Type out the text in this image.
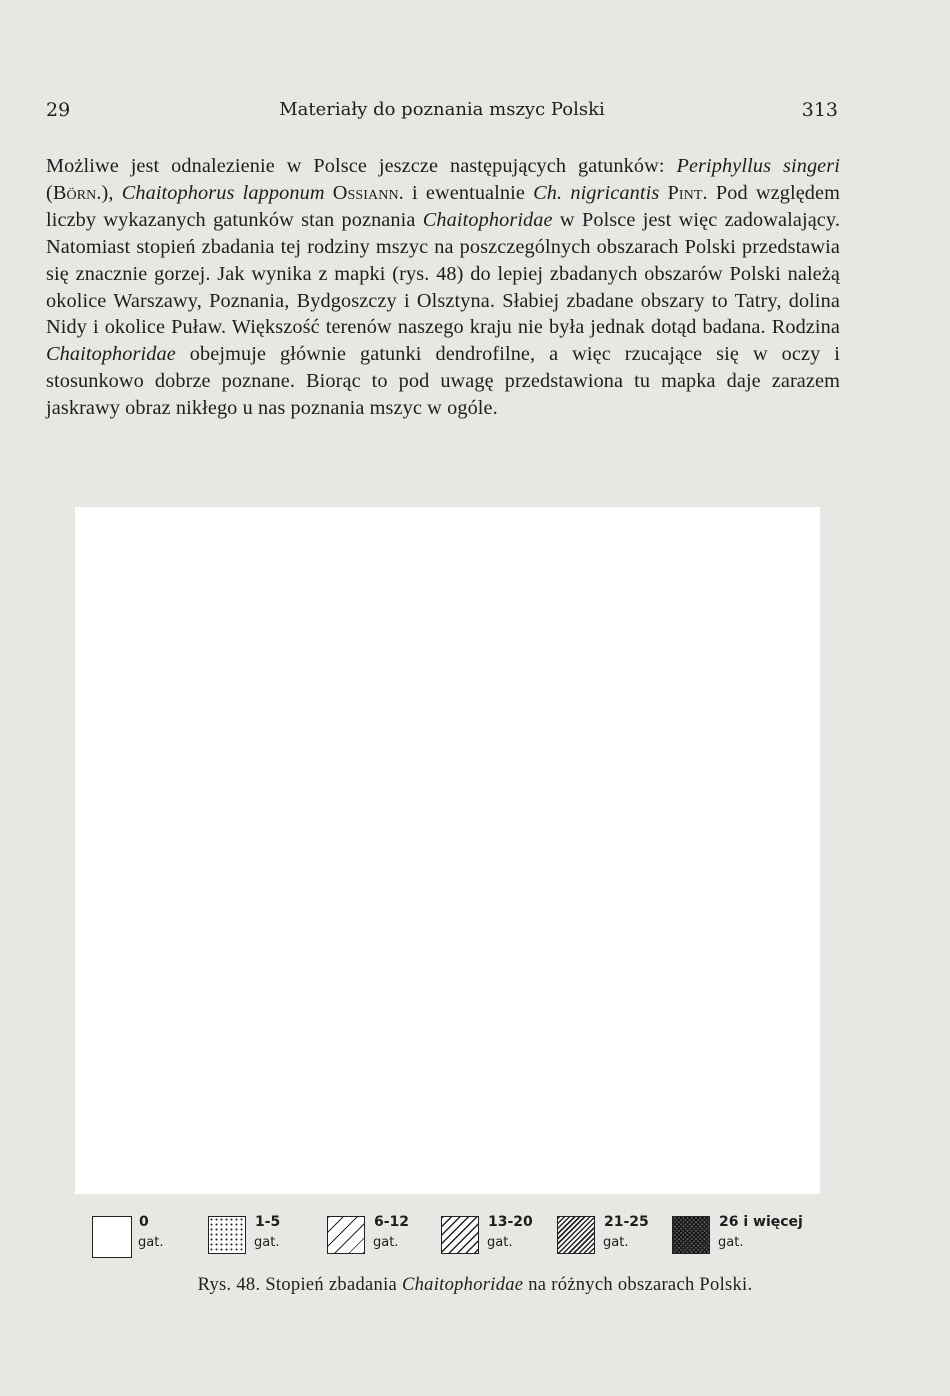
29	Materiały do poznania mszyc Polski	313
Możliwe jest odnalezienie w Polsce jeszcze następujących gatunków: Periphyllus singeri (Börn.), Chaitophorus lapponum Ossiann. i ewentualnie Ch. nigricantis Pint. Pod względem liczby wykazanych gatunków stan poznania Chaitophoridae w Polsce jest więc zadowalający. Natomiast stopień zbadania tej rodziny mszyc na poszczególnych obszarach Polski przedstawia się znacznie gorzej. Jak wynika z mapki (rys. 48) do lepiej zbadanych obszarów Polski należą okolice Warszawy, Poznania, Bydgoszczy i Olsztyna. Słabiej zbadane obszary to Tatry, dolina Nidy i okolice Puław. Większość terenów naszego kraju nie była jednak dotąd badana. Rodzina Chaitophoridae obejmuje głównie gatunki dendrofilne, a więc rzucające się w oczy i stosunkowo dobrze poznane. Biorąc to pod uwagę przedstawiona tu mapka daje zarazem jaskrawy obraz nikłego u nas poznania mszyc w ogóle.
0
gat.
1-5
gat.
6-12
gat.
13-20
gat.
21-25
gat.
26 i więcej
gat.
Rys. 48. Stopień zbadania Chaitophoridae na różnych obszarach Polski.
